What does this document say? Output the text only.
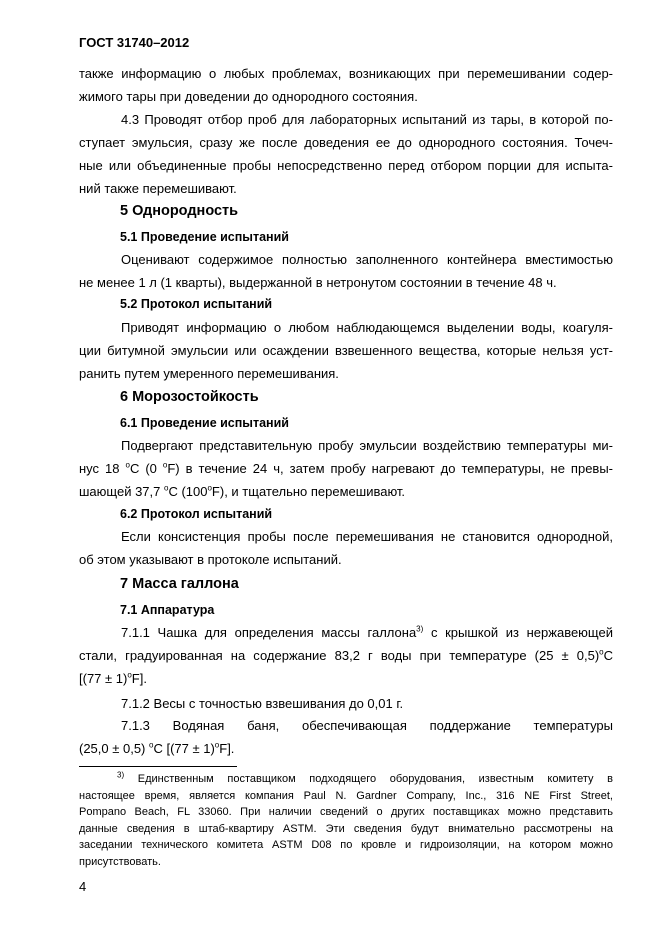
ГОСТ 31740–2012
также информацию о любых проблемах, возникающих при перемешивании содер-
жимого тары при доведении до однородного состояния.
4.3 Проводят отбор проб для лабораторных испытаний из тары, в которой по-
ступает эмульсия, сразу же после доведения ее до однородного состояния. Точеч-
ные или объединенные пробы непосредственно перед отбором порции для испыта-
ний также перемешивают.
5 Однородность
5.1 Проведение испытаний
Оценивают содержимое полностью заполненного контейнера вместимостью
не менее 1 л (1 кварты), выдержанной в нетронутом состоянии в течение 48 ч.
5.2 Протокол испытаний
Приводят информацию о любом наблюдающемся выделении воды, коагуля-
ции битумной эмульсии или осаждении взвешенного вещества, которые нельзя уст-
ранить путем умеренного перемешивания.
6 Морозостойкость
6.1 Проведение испытаний
Подвергают представительную пробу эмульсии воздействию температуры ми-
нус 18 $^o$C (0 $^o$F) в течение 24 ч, затем пробу нагревают до температуры, не превы-
шающей 37,7 $^o$C (100$^o$F), и тщательно перемешивают.
6.2 Протокол испытаний
Если консистенция пробы после перемешивания не становится однородной,
об этом указывают в протоколе испытаний.
7 Масса галлона
7.1 Аппаратура
7.1.1 Чашка для определения массы галлона$^{3)}$ с крышкой из нержавеющей
стали, градуированная на содержание 83,2 г воды при температуре $(25 \pm 0,5)^oC$
$[(77 \pm 1)^oF]$.
7.1.2 Весы с точностью взвешивания до 0,01 г.
7.1.3 Водяная баня, обеспечивающая поддержание температуры
(25,0 ± 0,5) $^o$C $[(77 \pm 1)^oF]$.
$^{3)}$ Единственным поставщиком подходящего оборудования, известным комитету в
настоящее время, является компания Paul N. Gardner Company, Inc., 316 NE First Street,
Pompano Beach, FL 33060. При наличии сведений о других поставщиках можно представить
данные сведения в штаб-квартиру ASTM. Эти сведения будут внимательно рассмотрены на
заседании технического комитета ASTM D08 по кровле и гидроизоляции, на котором можно
присутствовать.
4
